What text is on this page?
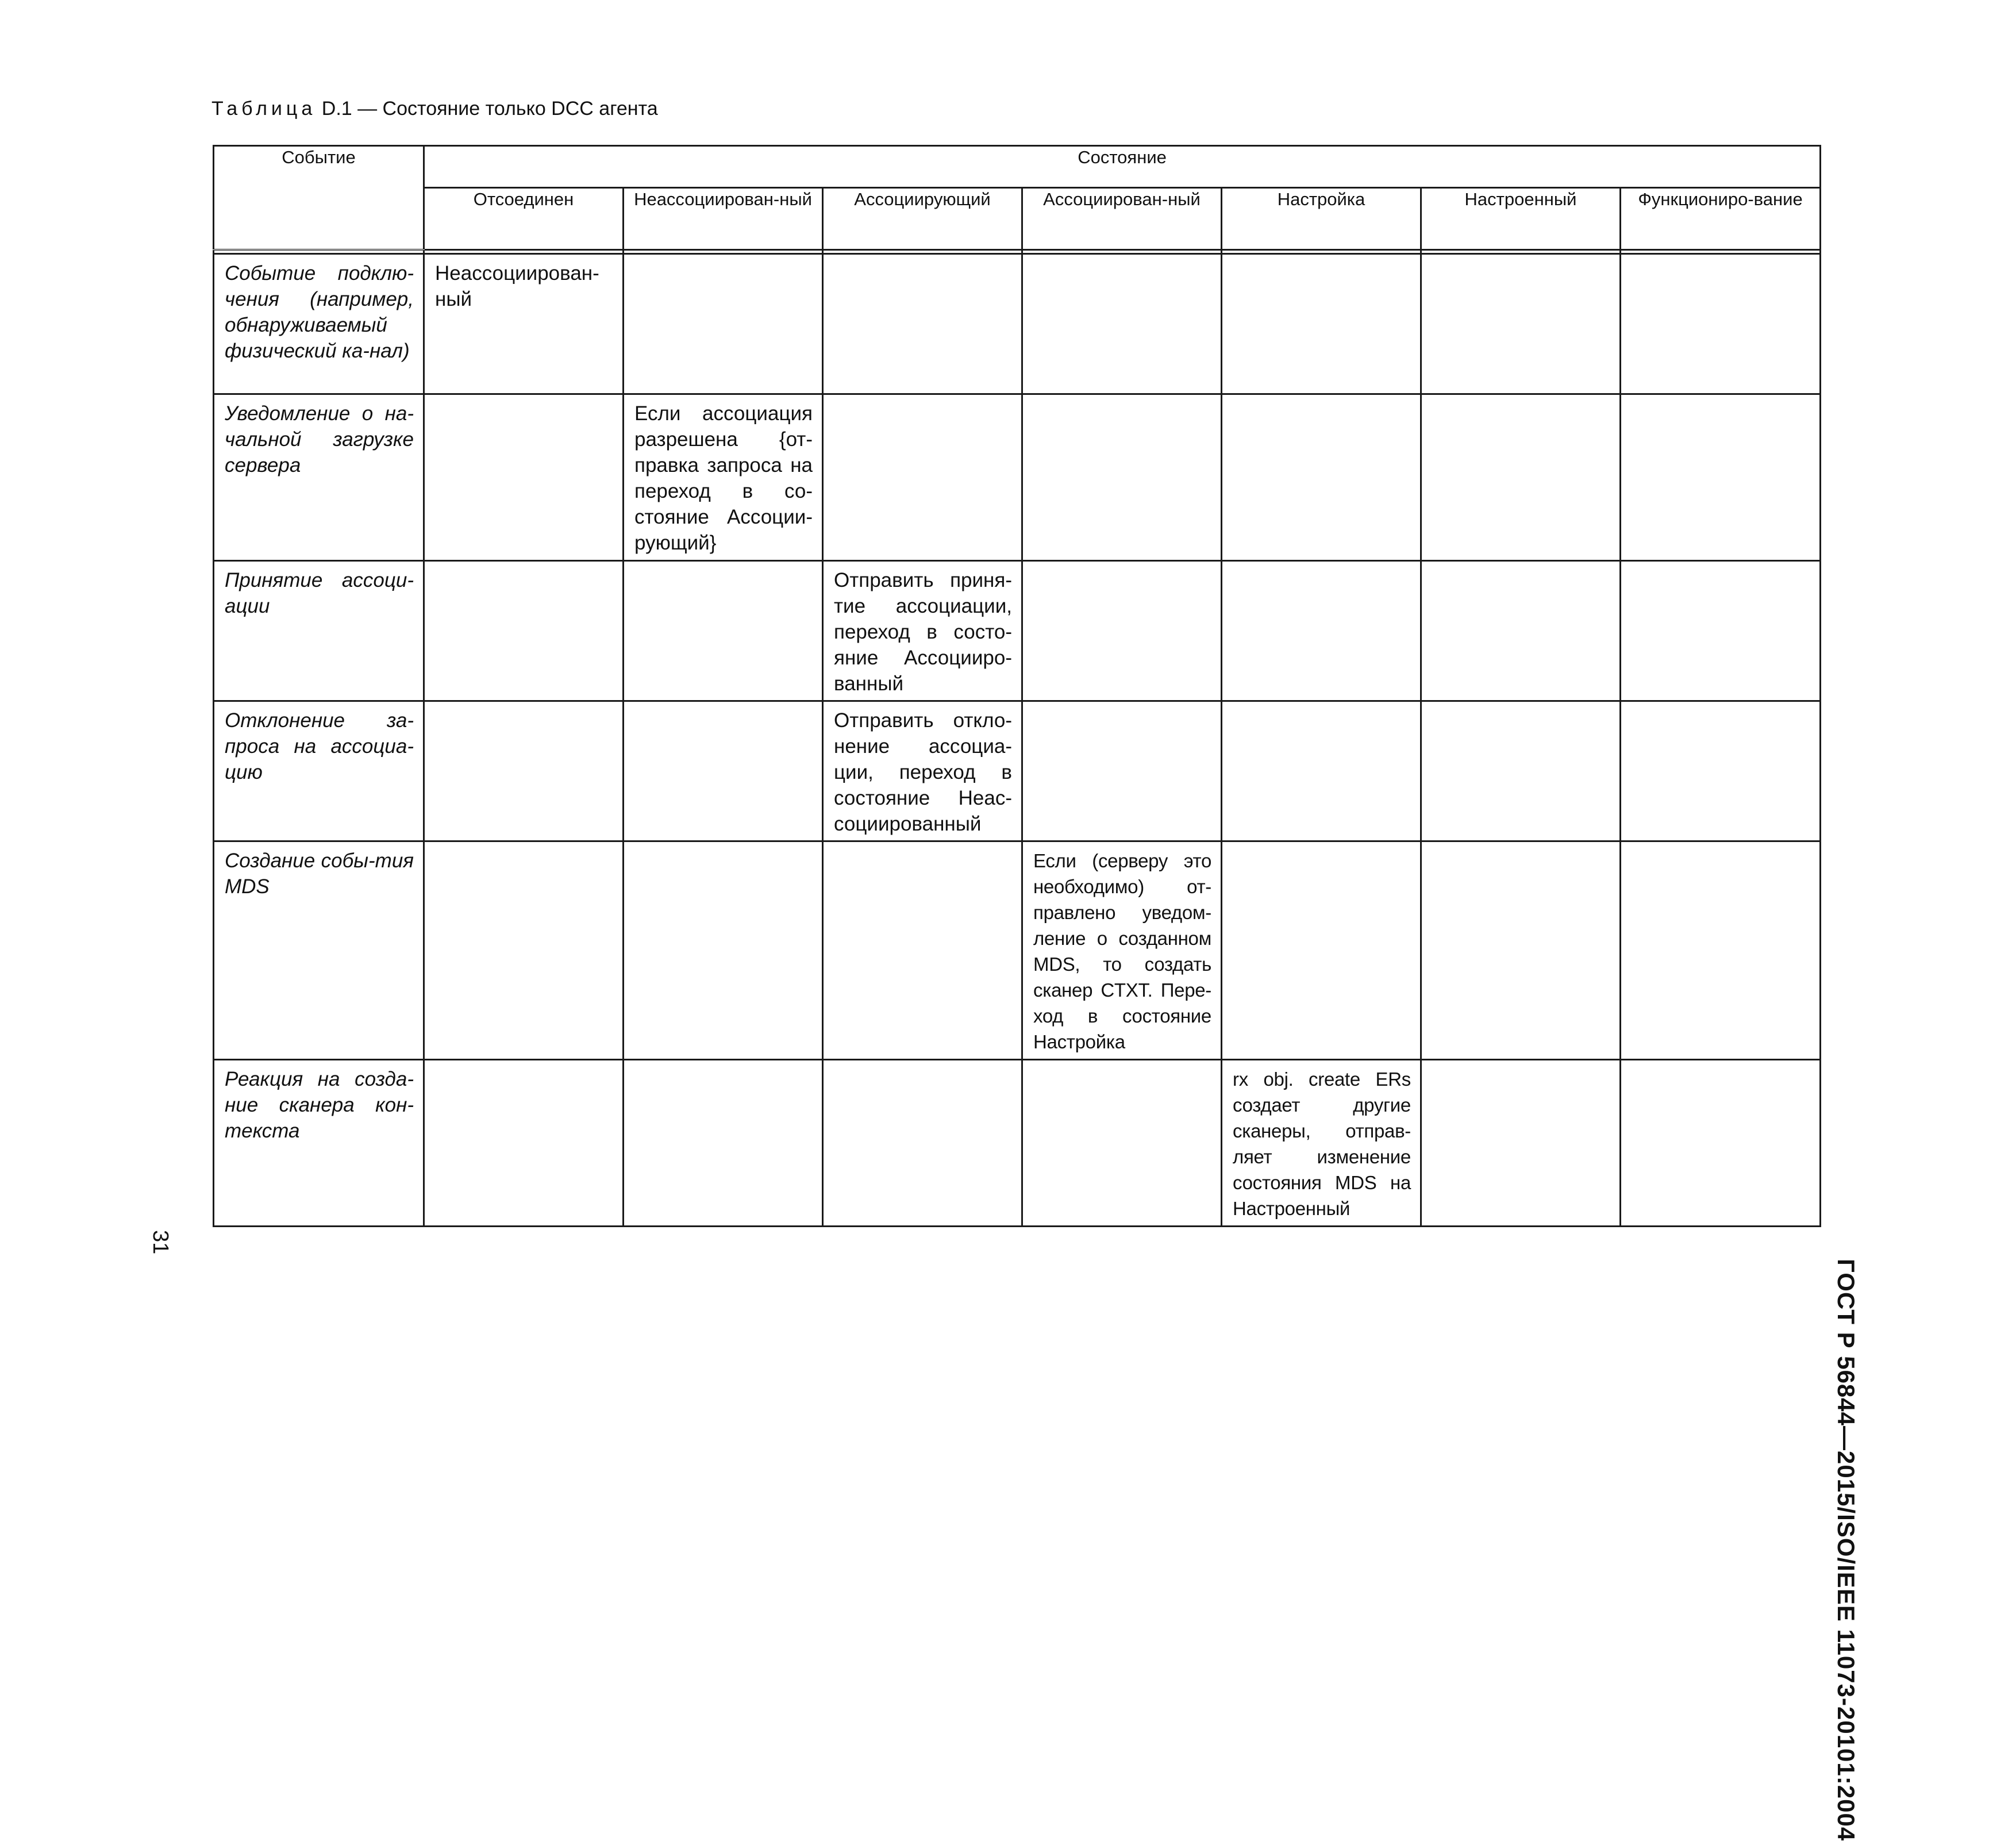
Таблица D.1 — Состояние только DCC агента
Событие	Состояние						
	Отсоединен	Неассоциирован-ный	Ассоциирующий	Ассоциирован-ный	Настройка	Настроенный	Функциониро-вание

Событие подклю-чения (например, обнаруживаемый физический ка-нал)	Неассоциирован-ный						

Уведомление о на-чальной загрузке сервера		Если ассоциация разрешена {от-правка запроса на переход в со-стояние Ассоции-рующий}					

Принятие ассоци-ации			Отправить приня-тие ассоциации, переход в состо-яние Ассоцииро-ванный				

Отклонение за-проса на ассоциа-цию			Отправить откло-нение ассоциа-ции, переход в состояние Неас-социированный				

Создание собы-тия MDS				Если (серверу это необходимо) от-правлено уведом-ление о созданном MDS, то создать сканер CTXT. Пере-ход в состояние Настройка			

Реакция на созда-ние сканера кон-текста					rx obj. create ERs создает другие сканеры, отправ-ляет изменение состояния MDS на Настроенный		

ГОСТ Р 56844—2015/ISO/IEEE 11073-20101:2004
31
